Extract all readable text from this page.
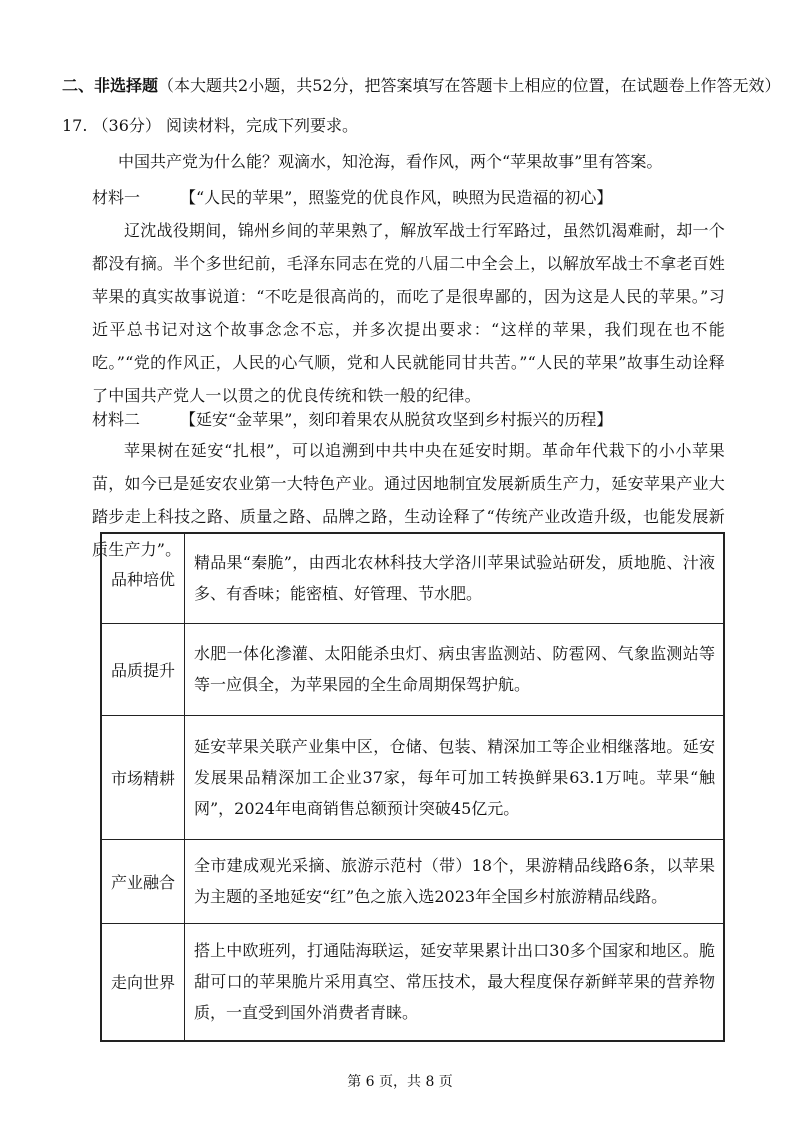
二、非选择题（本大题共2小题，共52分，把答案填写在答题卡上相应的位置，在试题卷上作答无效）
17. （36分） 阅读材料，完成下列要求。
中国共产党为什么能？观滴水，知沧海，看作风，两个“苹果故事”里有答案。
材料一 【“人民的苹果”，照鉴党的优良作风，映照为民造福的初心】
辽沈战役期间，锦州乡间的苹果熟了，解放军战士行军路过，虽然饥渴难耐，却一个都没有摘。半个多世纪前，毛泽东同志在党的八届二中全会上，以解放军战士不拿老百姓苹果的真实故事说道：“不吃是很高尚的，而吃了是很卑鄙的，因为这是人民的苹果。”习近平总书记对这个故事念念不忘，并多次提出要求：“这样的苹果，我们现在也不能吃。”“党的作风正，人民的心气顺，党和人民就能同甘共苦。”“人民的苹果”故事生动诠释了中国共产党人一以贯之的优良传统和铁一般的纪律。
材料二 【延安“金苹果”，刻印着果农从脱贫攻坚到乡村振兴的历程】
苹果树在延安“扎根”，可以追溯到中共中央在延安时期。革命年代栽下的小小苹果苗，如今已是延安农业第一大特色产业。通过因地制宜发展新质生产力，延安苹果产业大踏步走上科技之路、质量之路、品牌之路，生动诠释了“传统产业改造升级，也能发展新质生产力”。
品种培优	精品果“秦脆”，由西北农林科技大学洛川苹果试验站研发，质地脆、汁液多、有香味；能密植、好管理、节水肥。
品质提升	水肥一体化滲灌、太阳能杀虫灯、病虫害监测站、防雹网、气象监测站等等一应俱全，为苹果园的全生命周期保驾护航。
市场精耕	延安苹果关联产业集中区，仓储、包装、精深加工等企业相继落地。延安发展果品精深加工企业37家，每年可加工转换鲜果63.1万吨。苹果“触网”，2024年电商销售总额预计突破45亿元。
产业融合	全市建成观光采摘、旅游示范村（带）18个，果游精品线路6条，以苹果为主题的圣地延安“红”色之旅入选2023年全国乡村旅游精品线路。
走向世界	搭上中欧班列，打通陆海联运，延安苹果累计出口30多个国家和地区。脆甜可口的苹果脆片采用真空、常压技术，最大程度保存新鲜苹果的营养物质，一直受到国外消费者青睐。
第 6 页，共 8 页
